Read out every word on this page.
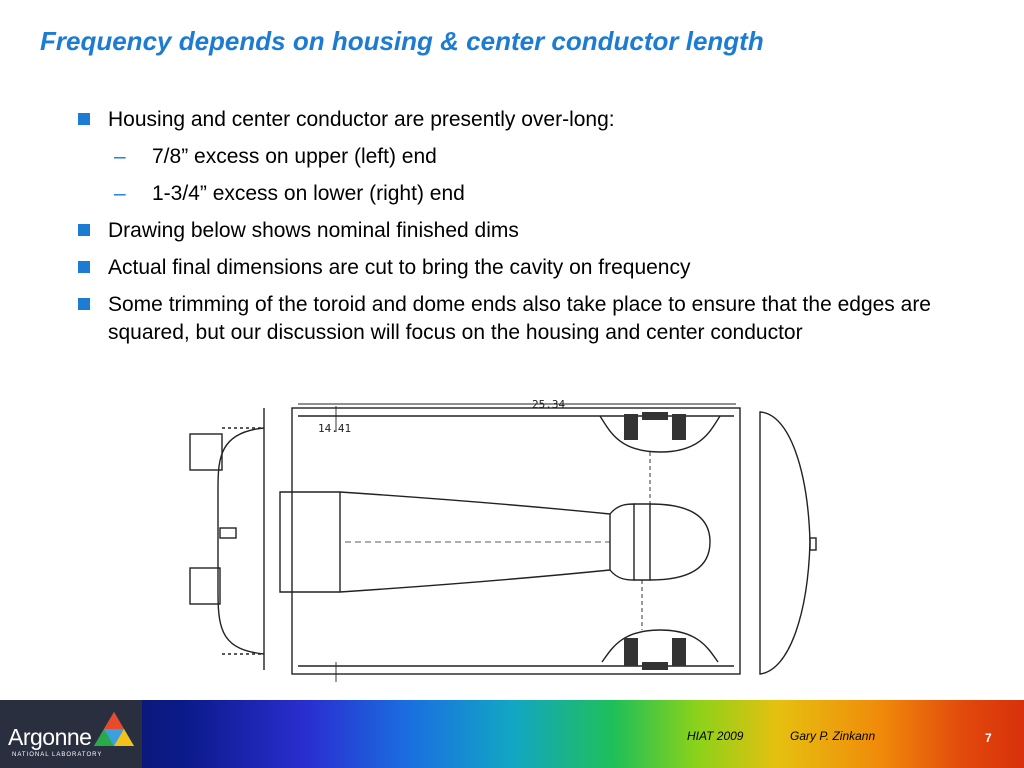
Frequency depends on housing & center conductor length
Housing and center conductor are presently over-long:
– 7/8” excess on upper (left) end
– 1-3/4” excess on lower (right) end
Drawing below shows nominal finished dims
Actual final dimensions are cut to bring the cavity on frequency
Some trimming of the toroid and dome ends also take place to ensure that the edges are squared, but our discussion will focus on the housing and center conductor
25.34
14.41
Argonne
NATIONAL LABORATORY
HIAT 2009	Gary P. Zinkann	7
